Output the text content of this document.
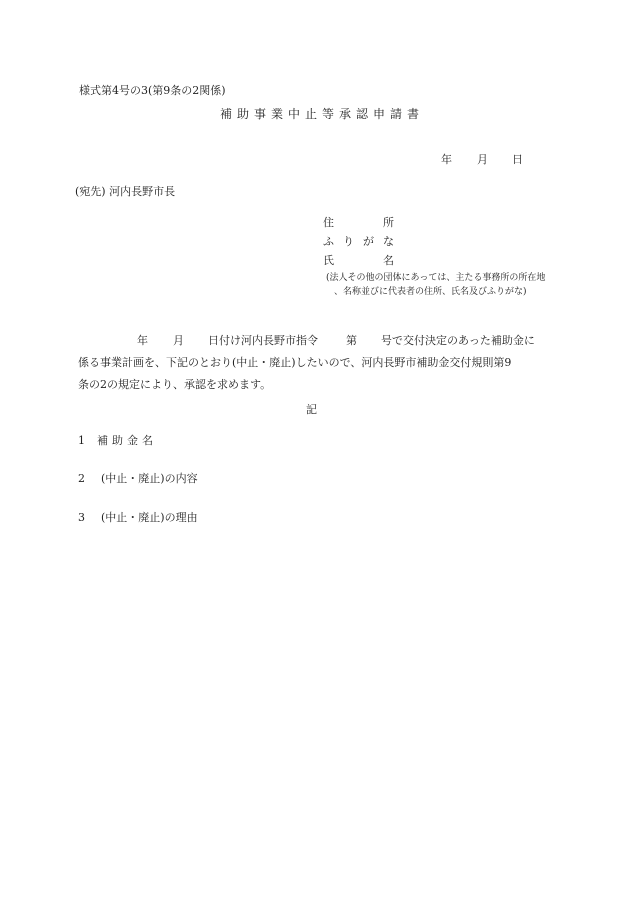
様式第4号の3(第9条の2関係)
補助事業中止等承認申請書
年 月 日
(宛先) 河内長野市長
住	所
ふ り が な
氏	名
(法人その他の団体にあっては、主たる事務所の所在地
、名称並びに代表者の住所、氏名及びふりがな)
年 月 日付け河内長野市指令	第 号で交付決定のあった補助金に
係る事業計画を、下記のとおり(中止・廃止)したいので、河内長野市補助金交付規則第9
条の2の規定により、承認を求めます。
記
1 補助金名
2 (中止・廃止)の内容
3 (中止・廃止)の理由
